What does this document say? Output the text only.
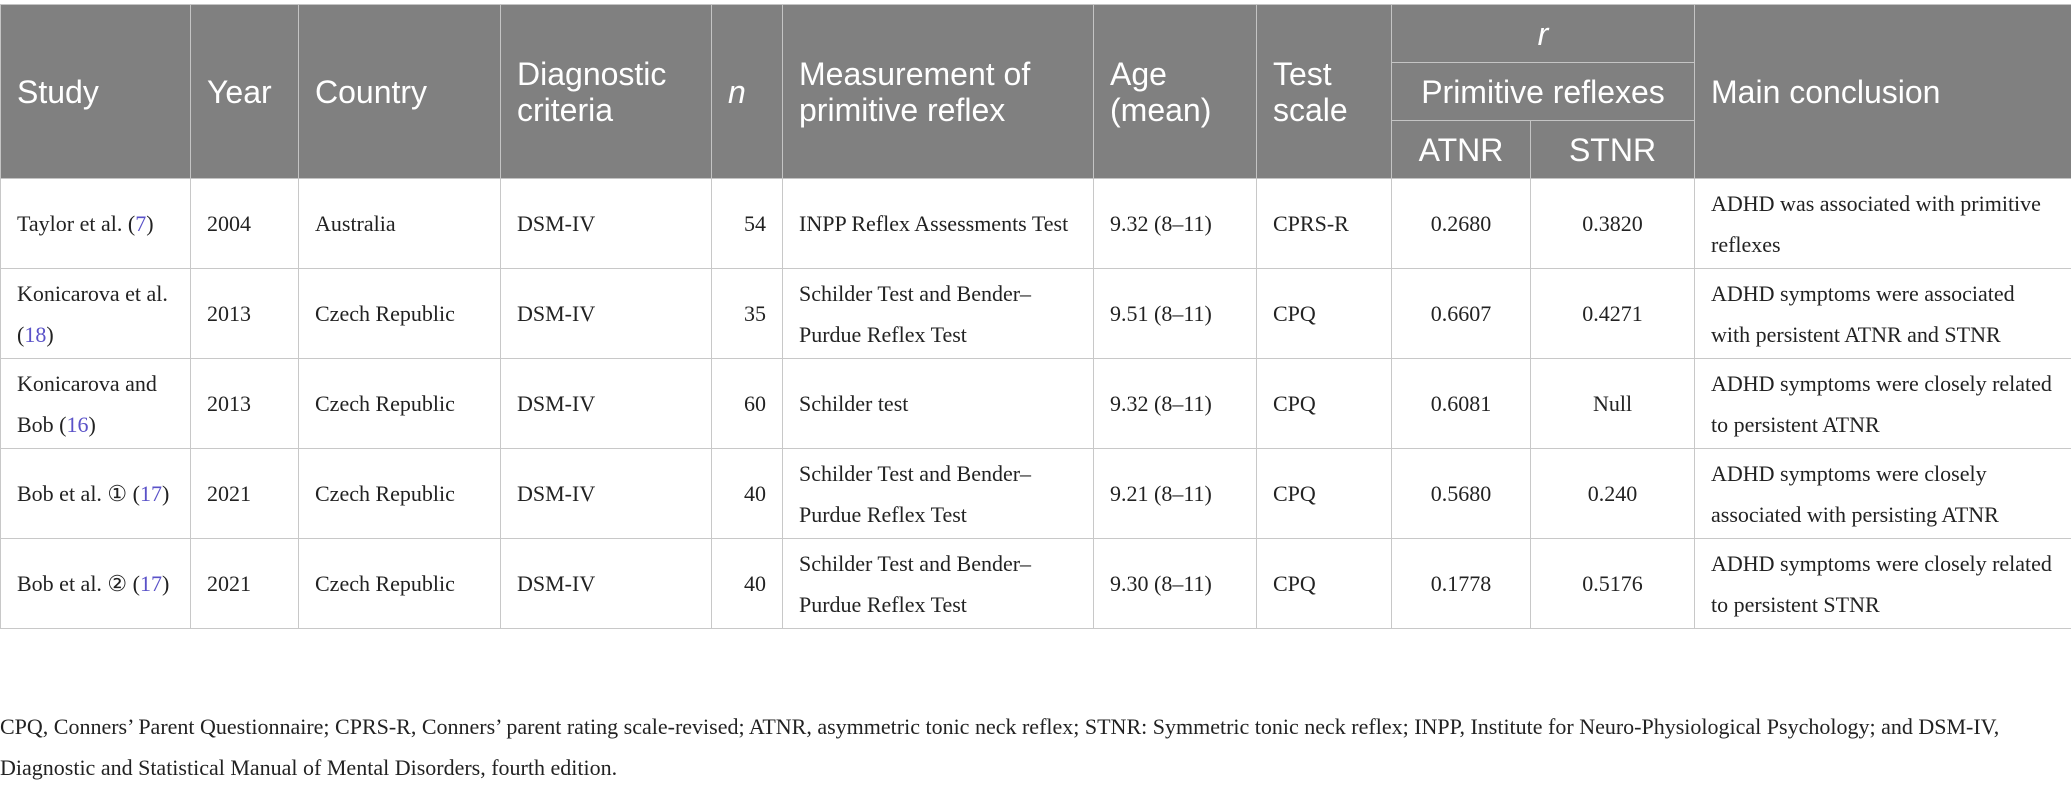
Study	Year	Country	Diagnostic criteria	n	Measurement of primitive reflex	Age (mean)	Test scale	r		Main conclusion
								Primitive reflexes		
								ATNR	STNR	
Taylor et al. (7)	2004	Australia	DSM-IV	54	INPP Reflex Assessments Test	9.32 (8–11)	CPRS-R	0.2680	0.3820	ADHD was associated with primitive reflexes
Konicarova et al. (18)	2013	Czech Republic	DSM-IV	35	Schilder Test and Bender–Purdue Reflex Test	9.51 (8–11)	CPQ	0.6607	0.4271	ADHD symptoms were associated with persistent ATNR and STNR
Konicarova and Bob (16)	2013	Czech Republic	DSM-IV	60	Schilder test	9.32 (8–11)	CPQ	0.6081	Null	ADHD symptoms were closely related to persistent ATNR
Bob et al. ① (17)	2021	Czech Republic	DSM-IV	40	Schilder Test and Bender–Purdue Reflex Test	9.21 (8–11)	CPQ	0.5680	0.240	ADHD symptoms were closely associated with persisting ATNR
Bob et al. ② (17)	2021	Czech Republic	DSM-IV	40	Schilder Test and Bender–Purdue Reflex Test	9.30 (8–11)	CPQ	0.1778	0.5176	ADHD symptoms were closely related to persistent STNR
CPQ, Conners’ Parent Questionnaire; CPRS-R, Conners’ parent rating scale-revised; ATNR, asymmetric tonic neck reflex; STNR: Symmetric tonic neck reflex; INPP, Institute for Neuro-Physiological Psychology; and DSM-IV, Diagnostic and Statistical Manual of Mental Disorders, fourth edition.
